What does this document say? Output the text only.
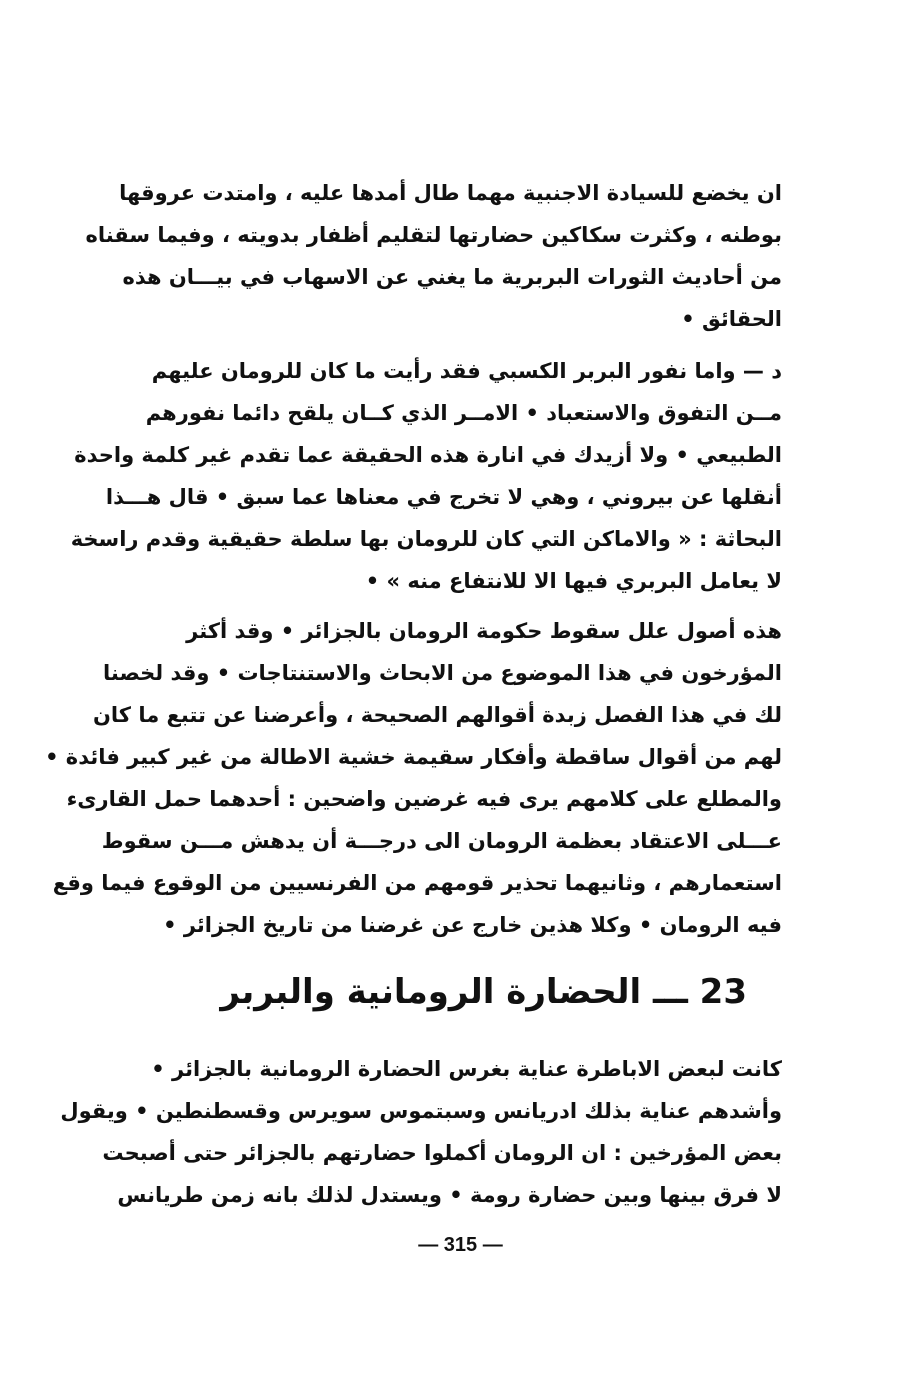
ان يخضع للسيادة الاجنبية مهما طال أمدها عليه ، وامتدت عروقها
بوطنه ، وكثرت سكاكين حضارتها لتقليم أظفار بدويته ، وفيما سقناه
من أحاديث الثورات البربرية ما يغني عن الاسهاب في بيـــان هذه
الحقائق •
د — واما نفور البربر الكسبي فقد رأيت ما كان للرومان عليهم
مــن التفوق والاستعباد • الامــر الذي كــان يلقح دائما نفورهم
الطبيعي • ولا أزيدك في انارة هذه الحقيقة عما تقدم غير كلمة واحدة
أنقلها عن بيروني ، وهي لا تخرج في معناها عما سبق • قال هـــذا
البحاثة : « والاماكن التي كان للرومان بها سلطة حقيقية وقدم راسخة
لا يعامل البربري فيها الا للانتفاع منه » •
هذه أصول علل سقوط حكومة الرومان بالجزائر • وقد أكثر
المؤرخون في هذا الموضوع من الابحاث والاستنتاجات • وقد لخصنا
لك في هذا الفصل زبدة أقوالهم الصحيحة ، وأعرضنا عن تتبع ما كان
لهم من أقوال ساقطة وأفكار سقيمة خشية الاطالة من غير كبير فائدة •
والمطلع على كلامهم يرى فيه غرضين واضحين : أحدهما حمل القارىء
عـــلى الاعتقاد بعظمة الرومان الى درجـــة أن يدهش مـــن سقوط
استعمارهم ، وثانيهما تحذير قومهم من الفرنسيين من الوقوع فيما وقع
فيه الرومان • وكلا هذين خارج عن غرضنا من تاريخ الجزائر •
23 ـــ الحضارة الرومانية والبربر
كانت لبعض الاباطرة عناية بغرس الحضارة الرومانية بالجزائر •
وأشدهم عناية بذلك ادريانس وسبتموس سويرس وقسطنطين • ويقول
بعض المؤرخين : ان الرومان أكملوا حضارتهم بالجزائر حتى أصبحت
لا فرق بينها وبين حضارة رومة • ويستدل لذلك بانه زمن طريانس
— 315 —
